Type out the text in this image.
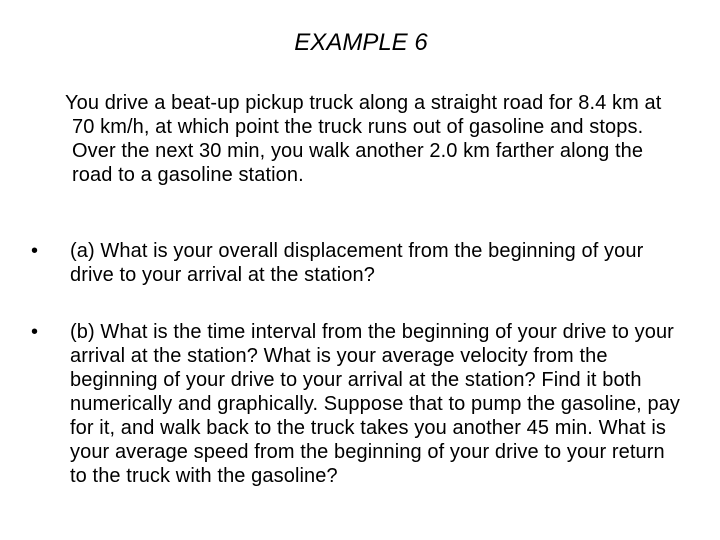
EXAMPLE 6
You drive a beat-up pickup truck along a straight road for 8.4 km at 70 km/h, at which point the truck runs out of gasoline and stops. Over the next 30 min, you walk another 2.0 km farther along the road to a gasoline station.
• (a) What is your overall displacement from the beginning of your drive to your arrival at the station?
• (b) What is the time interval from the beginning of your drive to your arrival at the station? What is your average velocity from the beginning of your drive to your arrival at the station? Find it both numerically and graphically. Suppose that to pump the gasoline, pay for it, and walk back to the truck takes you another 45 min. What is your average speed from the beginning of your drive to your return to the truck with the gasoline?
